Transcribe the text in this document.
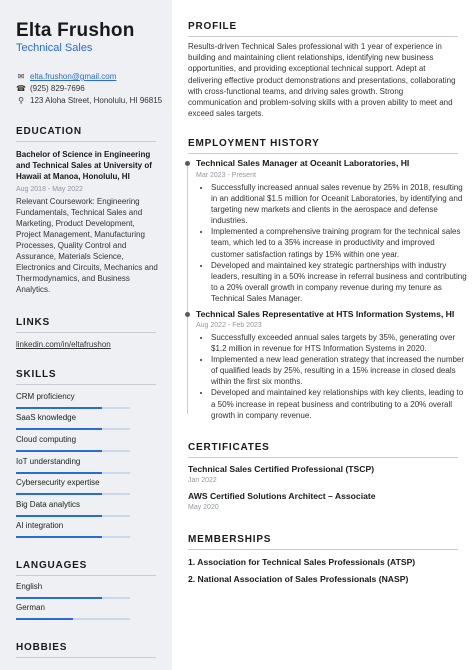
Elta Frushon
Technical Sales
✉ elta.frushon@gmail.com
☎ (925) 829-7696
⚲ 123 Aloha Street, Honolulu, HI 96815
EDUCATION
Bachelor of Science in Engineering and Technical Sales at University of Hawaii at Manoa, Honolulu, HI
Aug 2018 - May 2022
Relevant Coursework: Engineering Fundamentals, Technical Sales and Marketing, Product Development, Project Management, Manufacturing Processes, Quality Control and Assurance, Materials Science, Electronics and Circuits, Mechanics and Thermodynamics, and Business Analytics.
LINKS
linkedin.com/in/eltafrushon
SKILLS
CRM proficiency
SaaS knowledge
Cloud computing
IoT understanding
Cybersecurity expertise
Big Data analytics
AI integration
LANGUAGES
English
German
HOBBIES
PROFILE
Results-driven Technical Sales professional with 1 year of experience in building and maintaining client relationships, identifying new business opportunities, and providing exceptional technical support. Adept at delivering effective product demonstrations and presentations, collaborating with cross-functional teams, and driving sales growth. Strong communication and problem-solving skills with a proven ability to meet and exceed sales targets.
EMPLOYMENT HISTORY
Technical Sales Manager at Oceanit Laboratories, HI
Mar 2023 - Present
• Successfully increased annual sales revenue by 25% in 2018, resulting in an additional $1.5 million for Oceanit Laboratories, by identifying and targeting new markets and clients in the aerospace and defense industries.
• Implemented a comprehensive training program for the technical sales team, which led to a 35% increase in productivity and improved customer satisfaction ratings by 15% within one year.
• Developed and maintained key strategic partnerships with industry leaders, resulting in a 50% increase in referral business and contributing to a 20% overall growth in company revenue during my tenure as Technical Sales Manager.
Technical Sales Representative at HTS Information Systems, HI
Aug 2022 - Feb 2023
• Successfully exceeded annual sales targets by 35%, generating over $1.2 million in revenue for HTS Information Systems in 2020.
• Implemented a new lead generation strategy that increased the number of qualified leads by 25%, resulting in a 15% increase in closed deals within the first six months.
• Developed and maintained key relationships with key clients, leading to a 50% increase in repeat business and contributing to a 20% overall growth in company revenue.
CERTIFICATES
Technical Sales Certified Professional (TSCP)
Jan 2022
AWS Certified Solutions Architect – Associate
May 2020
MEMBERSHIPS
1. Association for Technical Sales Professionals (ATSP)
2. National Association of Sales Professionals (NASP)
